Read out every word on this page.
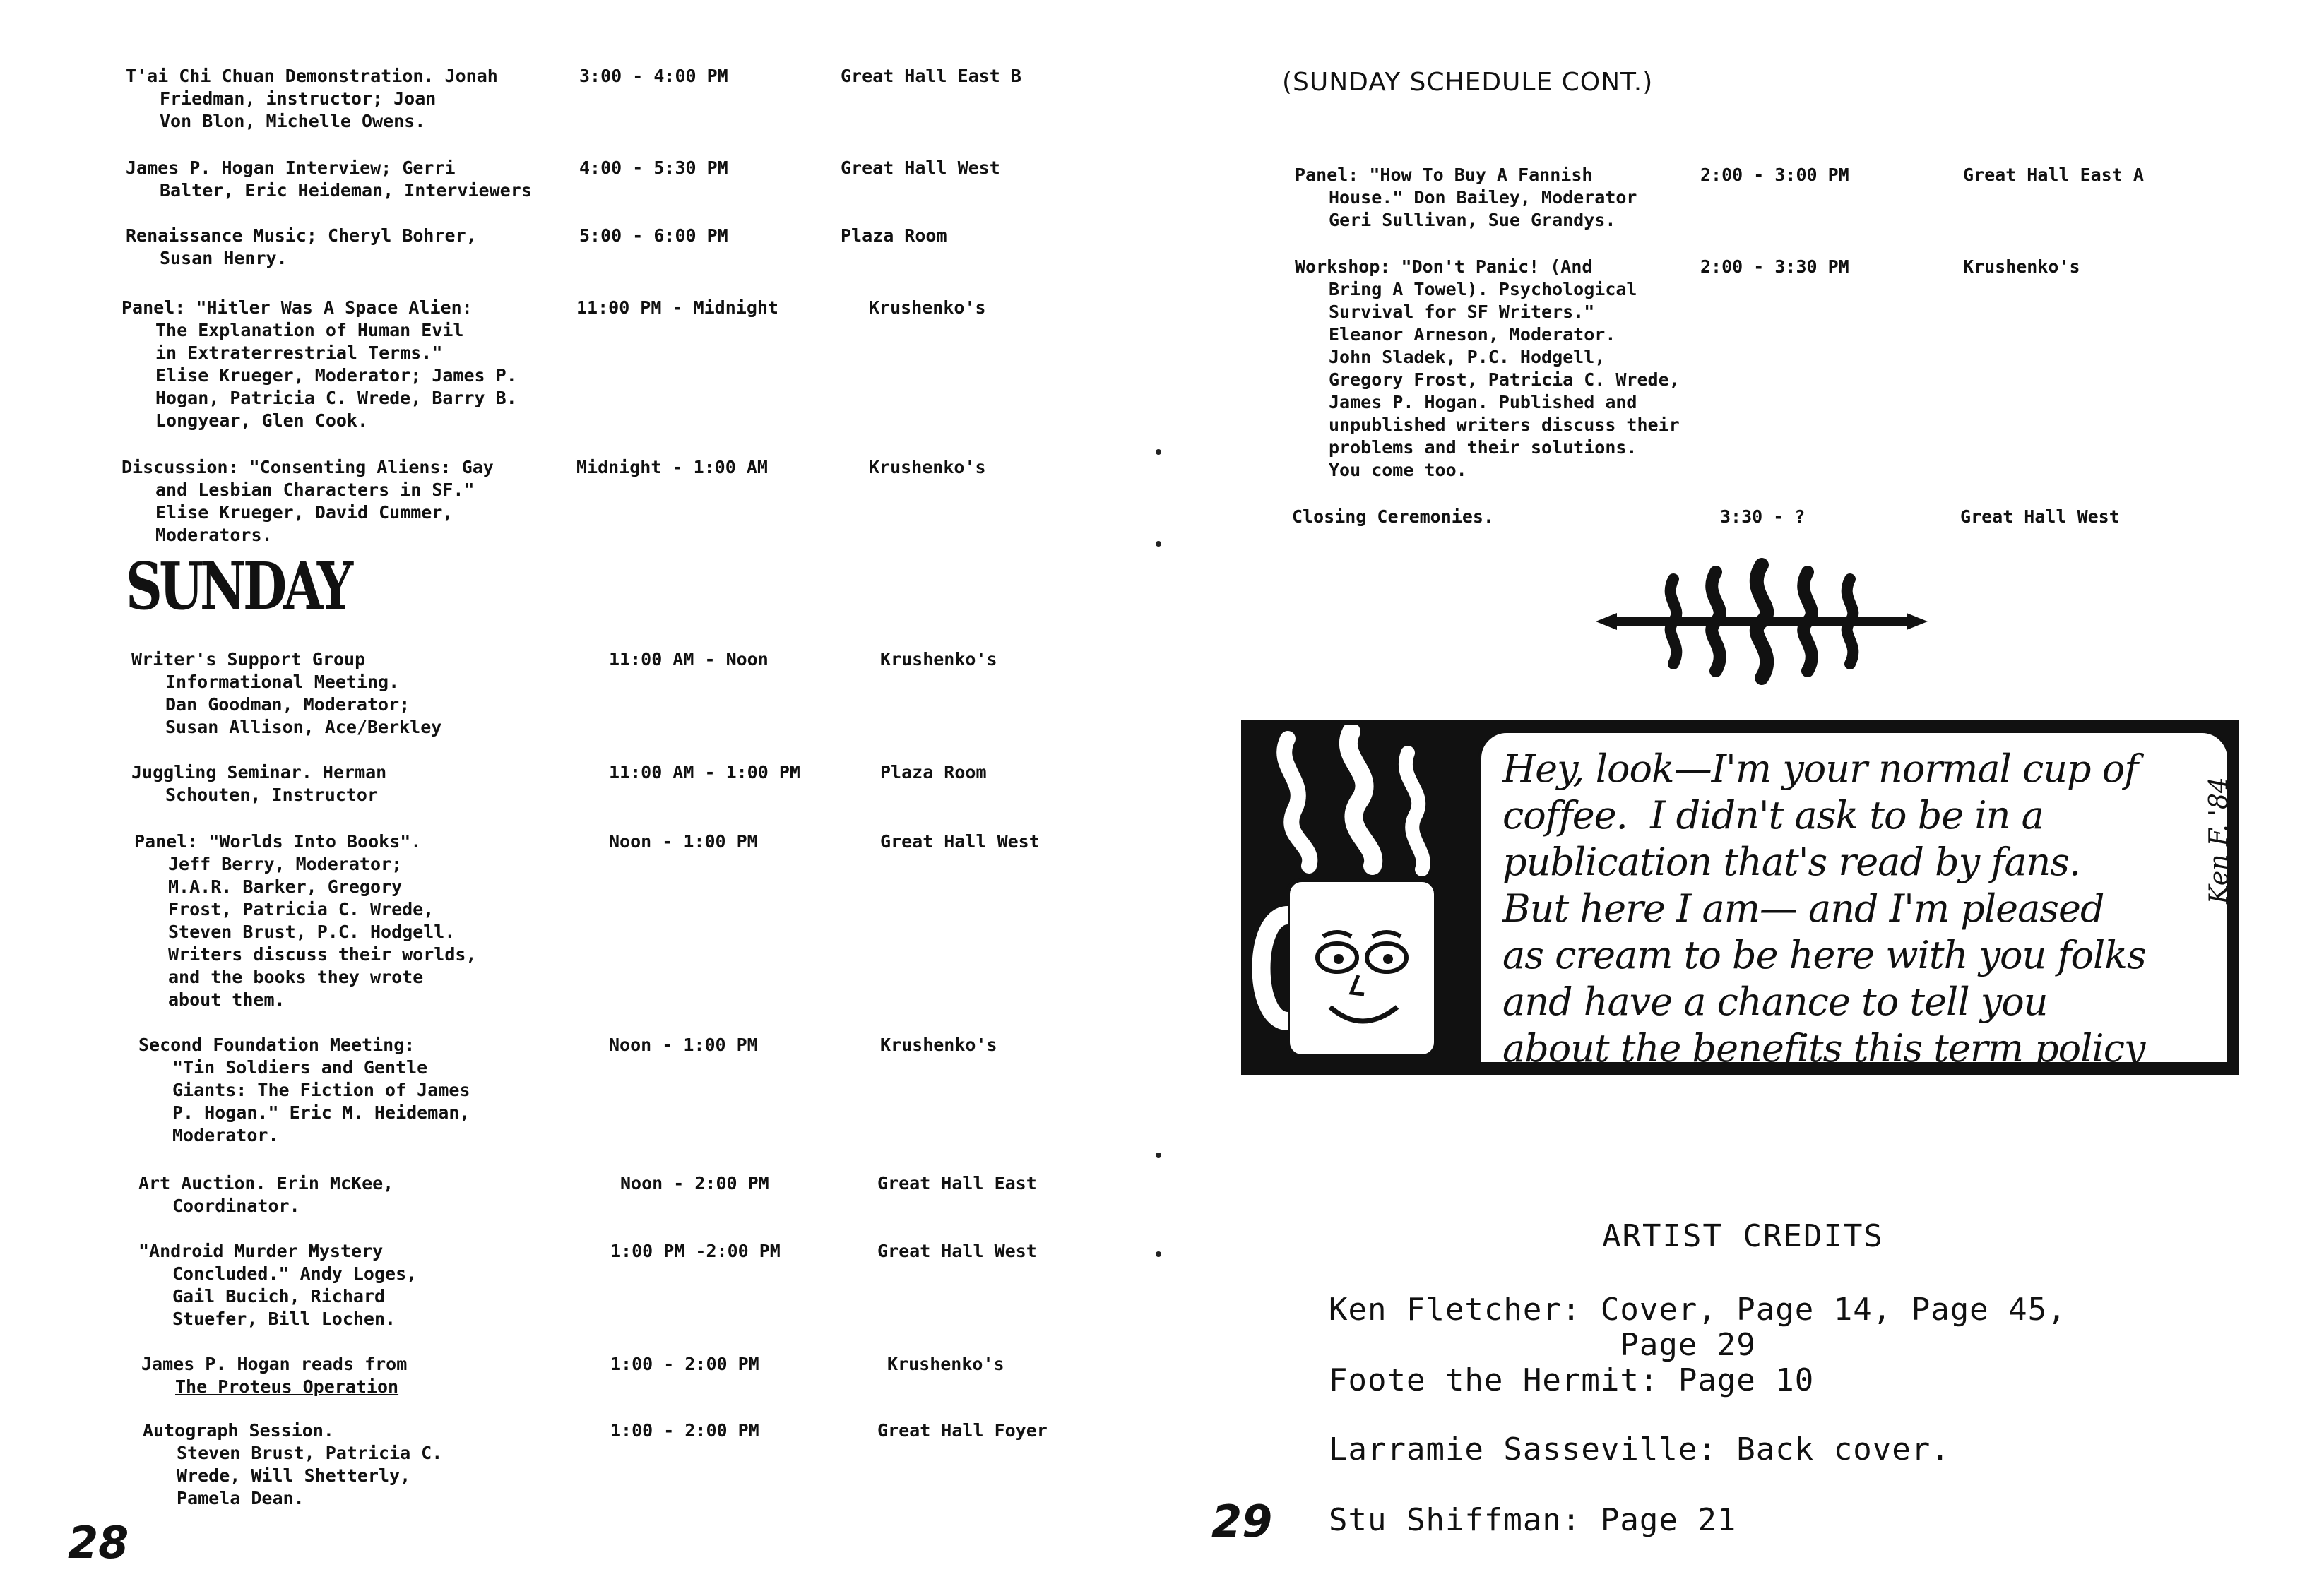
T'ai Chi Chuan Demonstration. Jonah
Friedman, instructor; Joan
Von Blon, Michelle Owens.
3:00 - 4:00 PM	Great Hall East B
James P. Hogan Interview; Gerri
Balter, Eric Heideman, Interviewers
4:00 - 5:30 PM	Great Hall West
Renaissance Music; Cheryl Bohrer,
Susan Henry.
5:00 - 6:00 PM	Plaza Room
Panel: "Hitler Was A Space Alien:
The Explanation of Human Evil
in Extraterrestrial Terms."
Elise Krueger, Moderator; James P.
Hogan, Patricia C. Wrede, Barry B.
Longyear, Glen Cook.
11:00 PM - Midnight	Krushenko's
Discussion: "Consenting Aliens: Gay
and Lesbian Characters in SF."
Elise Krueger, David Cummer,
Moderators.
Midnight - 1:00 AM	Krushenko's
SUNDAY
Writer's Support Group
Informational Meeting.
Dan Goodman, Moderator;
Susan Allison, Ace/Berkley
11:00 AM - Noon	Krushenko's
Juggling Seminar. Herman
Schouten, Instructor
11:00 AM - 1:00 PM	Plaza Room
Panel: "Worlds Into Books".
Jeff Berry, Moderator;
M.A.R. Barker, Gregory
Frost, Patricia C. Wrede,
Steven Brust, P.C. Hodgell.
Writers discuss their worlds,
and the books they wrote
about them.
Noon - 1:00 PM	Great Hall West
Second Foundation Meeting:
"Tin Soldiers and Gentle
Giants: The Fiction of James
P. Hogan." Eric M. Heideman,
Moderator.
Noon - 1:00 PM	Krushenko's
Art Auction. Erin McKee,
Coordinator.
Noon - 2:00 PM	Great Hall East
"Android Murder Mystery
Concluded." Andy Loges,
Gail Bucich, Richard
Stuefer, Bill Lochen.
1:00 PM -2:00 PM	Great Hall West
James P. Hogan reads from
The Proteus Operation
1:00 - 2:00 PM	Krushenko's
Autograph Session.
Steven Brust, Patricia C.
Wrede, Will Shetterly,
Pamela Dean.
1:00 - 2:00 PM	Great Hall Foyer
28
(SUNDAY SCHEDULE CONT.)
Panel: "How To Buy A Fannish
House." Don Bailey, Moderator
Geri Sullivan, Sue Grandys.
2:00 - 3:00 PM	Great Hall East A
Workshop: "Don't Panic! (And
Bring A Towel). Psychological
Survival for SF Writers."
Eleanor Arneson, Moderator.
John Sladek, P.C. Hodgell,
Gregory Frost, Patricia C. Wrede,
James P. Hogan. Published and
unpublished writers discuss their
problems and their solutions.
You come too.
2:00 - 3:30 PM	Krushenko's
Closing Ceremonies.	3:30 - ?	Great Hall West
Hey, look—I'm your normal cup of
coffee.  I didn't ask to be in a
publication that's read by fans.
But here I am— and I'm pleased
as cream to be here with you folks
and have a chance to tell you
about the benefits this term policy
Ken F. '84
ARTIST CREDITS
Ken Fletcher: Cover, Page 14, Page 45,
Page 29
Foote the Hermit: Page 10
Larramie Sasseville: Back cover.
Stu Shiffman: Page 21
29
